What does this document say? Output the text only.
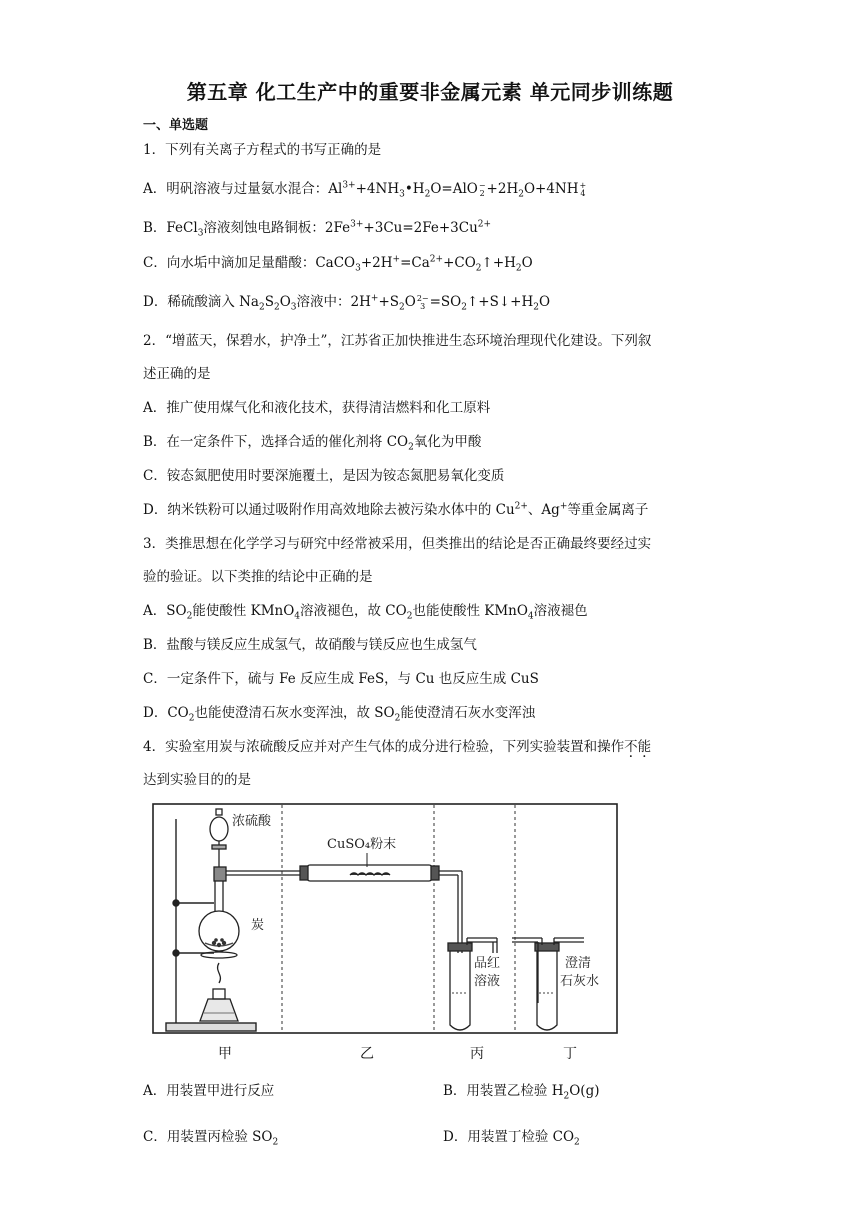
第五章 化工生产中的重要非金属元素 单元同步训练题
一、单选题
1．下列有关离子方程式的书写正确的是
A．明矾溶液与过量氨水混合：$Al^{3+}+4NH_3•H_2O=AlO$ −
$2 +2H_2O+4NH$ +
4
B．FeCl$_3$溶液刻蚀电路铜板：$2Fe^{3+}+3Cu=2Fe+3Cu^{2+}$
C．向水垢中滴加足量醋酸：$CaCO_3+2H^+=Ca^{2+}+CO_2↑+H_2O$
D．稀硫酸滴入 $Na_2S_2O_3$溶液中：$2H^++S_2O$ 2−
$3 =SO_2↑+S↓+H_2O$
2．“增蓝天，保碧水，护净土”，江苏省正加快推进生态环境治理现代化建设。下列叙
述正确的是
A．推广使用煤气化和液化技术，获得清洁燃料和化工原料
B．在一定条件下，选择合适的催化剂将 $CO_2$氧化为甲酸
C．铵态氮肥使用时要深施覆土，是因为铵态氮肥易氧化变质
D．纳米铁粉可以通过吸附作用高效地除去被污染水体中的 $Cu^{2+}$、Ag+等重金属离子
3．类推思想在化学学习与研究中经常被采用，但类推出的结论是否正确最终要经过实
验的验证。以下类推的结论中正确的是
A．$SO_2$能使酸性 KMnO$_4$溶液褪色，故 $CO_2$也能使酸性 KMnO$_4$溶液褪色
B．盐酸与镁反应生成氢气，故硝酸与镁反应也生成氢气
C．一定条件下，硫与 Fe 反应生成 FeS，与 Cu 也反应生成 CuS
D．$CO_2$也能使澄清石灰水变浑浊，故 $SO_2$能使澄清石灰水变浑浊
4．实验室用炭与浓硫酸反应并对产生气体的成分进行检验，下列实验装置和操作不能
达到实验目的的是
浓硫酸
CuSO₄粉末
炭
品红
溶液
澄清
石灰水
甲	乙	丙	丁
A．用装置甲进行反应	B．用装置乙检验 $H_2O(g)$
C．用装置丙检验 $SO_2$	D．用装置丁检验 $CO_2$
